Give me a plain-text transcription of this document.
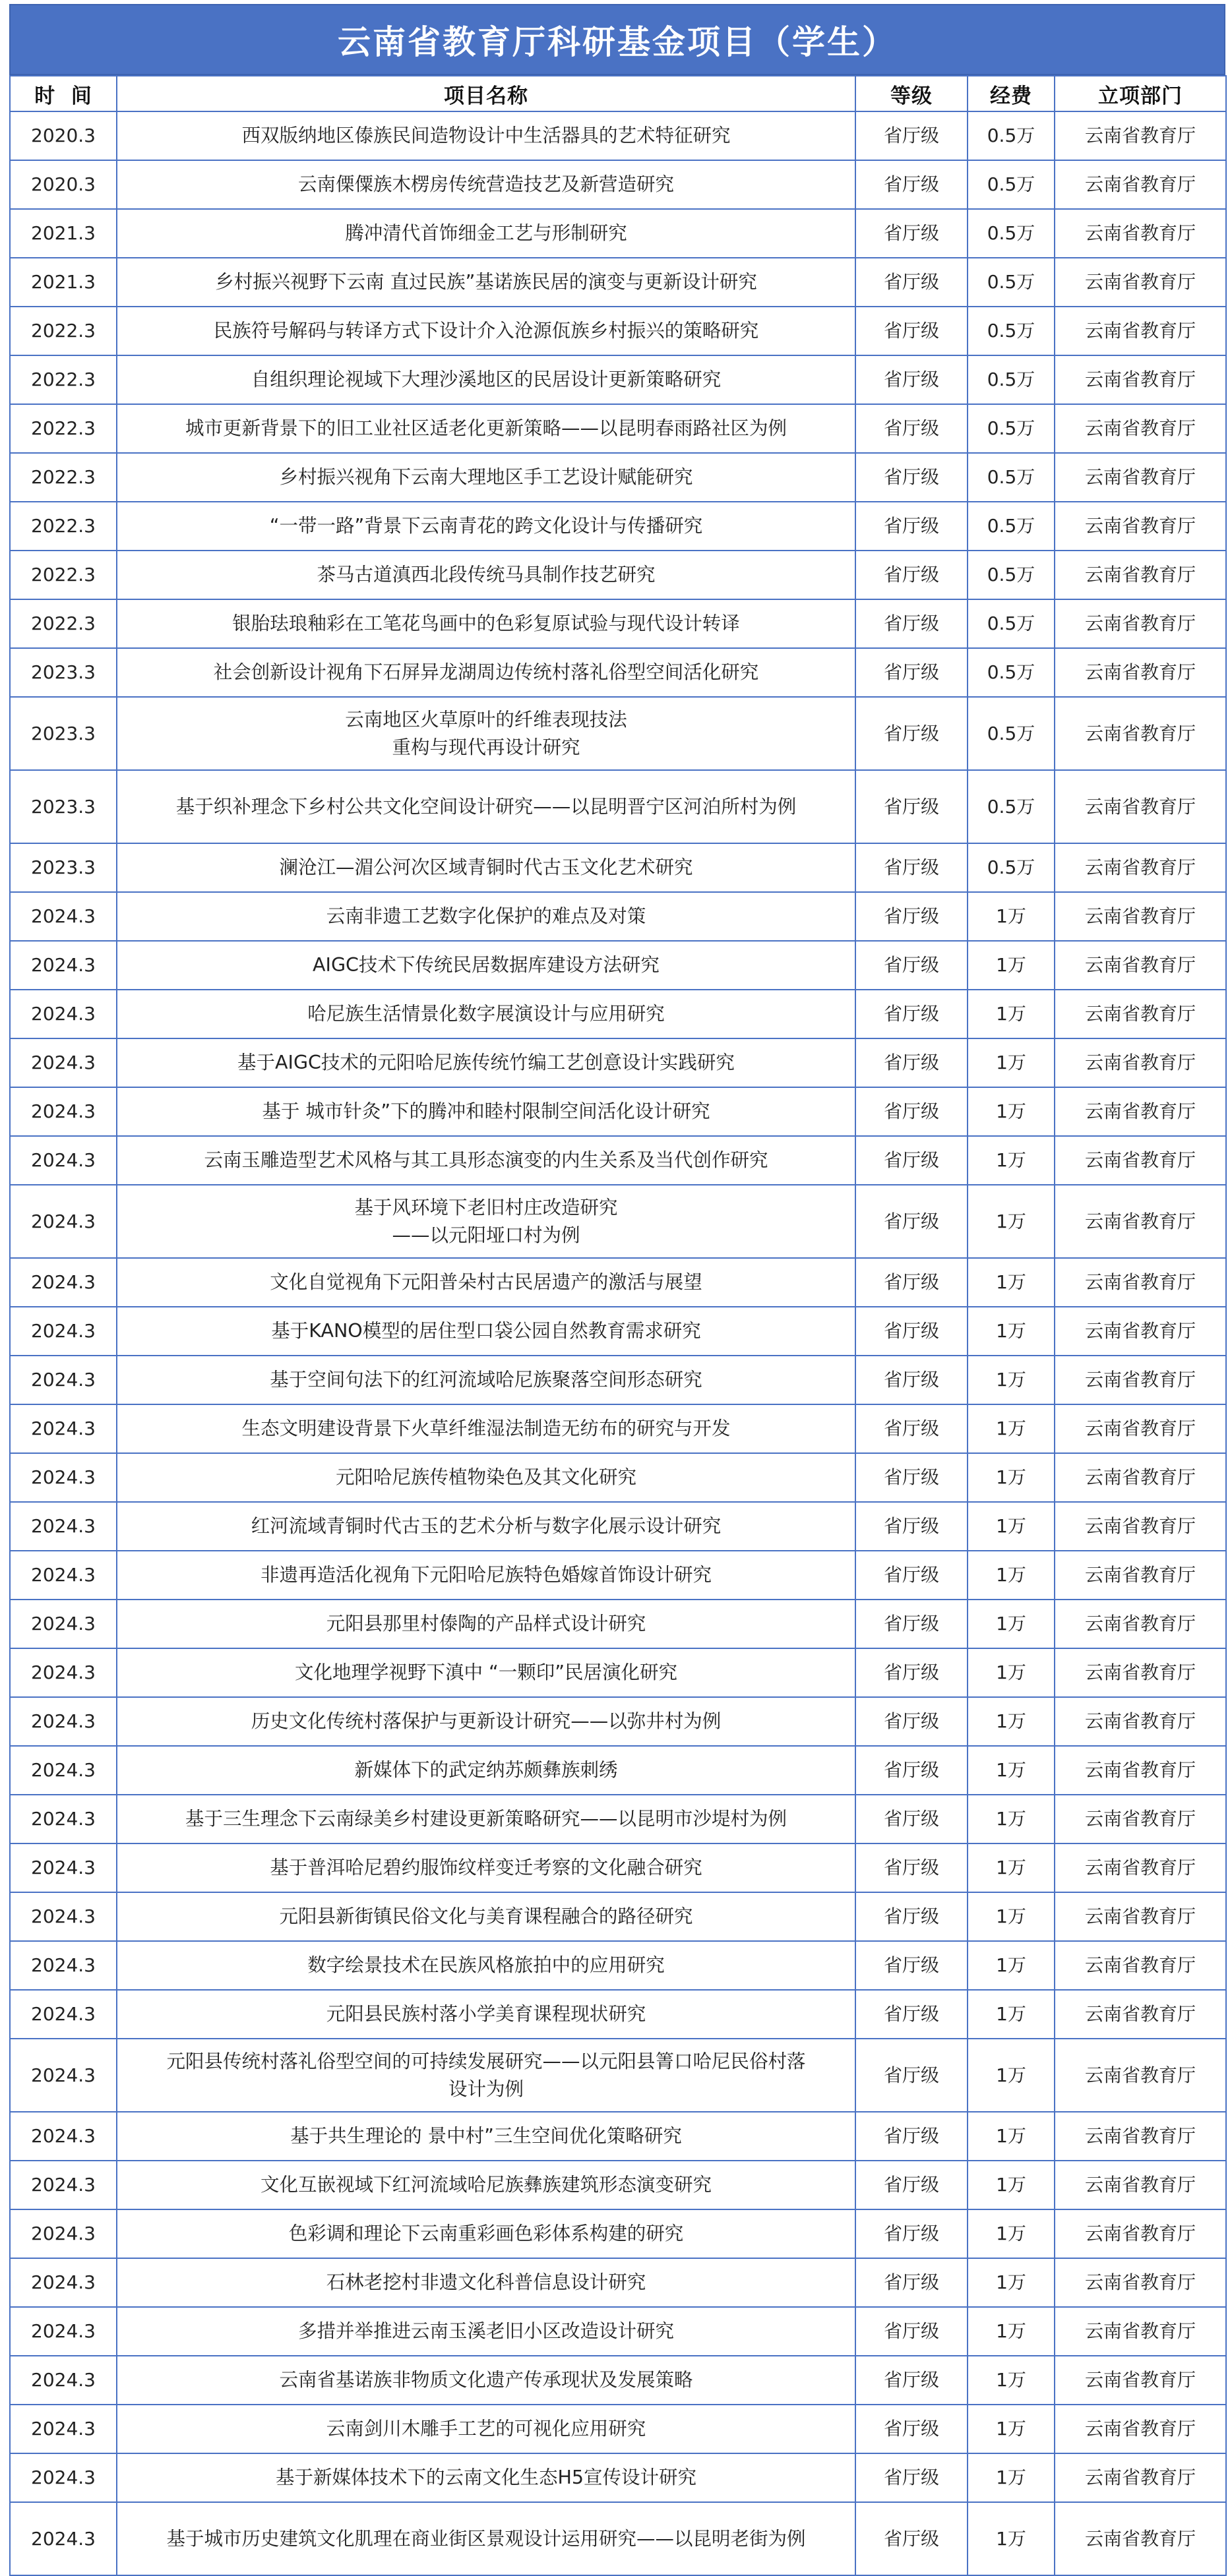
云南省教育厅科研基金项目（学生）
时  间	项目名称	等级	经费	立项部门
2020.3	西双版纳地区傣族民间造物设计中生活器具的艺术特征研究	省厅级	0.5万	云南省教育厅
2020.3	云南傈僳族木楞房传统营造技艺及新营造研究	省厅级	0.5万	云南省教育厅
2021.3	腾冲清代首饰细金工艺与形制研究	省厅级	0.5万	云南省教育厅
2021.3	乡村振兴视野下云南 直过民族”基诺族民居的演变与更新设计研究	省厅级	0.5万	云南省教育厅
2022.3	民族符号解码与转译方式下设计介入沧源佤族乡村振兴的策略研究	省厅级	0.5万	云南省教育厅
2022.3	自组织理论视域下大理沙溪地区的民居设计更新策略研究	省厅级	0.5万	云南省教育厅
2022.3	城市更新背景下的旧工业社区适老化更新策略——以昆明春雨路社区为例	省厅级	0.5万	云南省教育厅
2022.3	乡村振兴视角下云南大理地区手工艺设计赋能研究	省厅级	0.5万	云南省教育厅
2022.3	“一带一路”背景下云南青花的跨文化设计与传播研究	省厅级	0.5万	云南省教育厅
2022.3	茶马古道滇西北段传统马具制作技艺研究	省厅级	0.5万	云南省教育厅
2022.3	银胎珐琅釉彩在工笔花鸟画中的色彩复原试验与现代设计转译	省厅级	0.5万	云南省教育厅
2023.3	社会创新设计视角下石屏异龙湖周边传统村落礼俗型空间活化研究	省厅级	0.5万	云南省教育厅
2023.3	云南地区火草原叶的纤维表现技法
重构与现代再设计研究	省厅级	0.5万	云南省教育厅
2023.3	基于织补理念下乡村公共文化空间设计研究——以昆明晋宁区河泊所村为例	省厅级	0.5万	云南省教育厅
2023.3	澜沧江—湄公河次区域青铜时代古玉文化艺术研究	省厅级	0.5万	云南省教育厅
2024.3	云南非遗工艺数字化保护的难点及对策	省厅级	1万	云南省教育厅
2024.3	AIGC技术下传统民居数据库建设方法研究	省厅级	1万	云南省教育厅
2024.3	哈尼族生活情景化数字展演设计与应用研究	省厅级	1万	云南省教育厅
2024.3	基于AIGC技术的元阳哈尼族传统竹编工艺创意设计实践研究	省厅级	1万	云南省教育厅
2024.3	基于 城市针灸”下的腾冲和睦村限制空间活化设计研究	省厅级	1万	云南省教育厅
2024.3	云南玉雕造型艺术风格与其工具形态演变的内生关系及当代创作研究	省厅级	1万	云南省教育厅
2024.3	基于风环境下老旧村庄改造研究
——以元阳垭口村为例	省厅级	1万	云南省教育厅
2024.3	文化自觉视角下元阳普朵村古民居遗产的激活与展望	省厅级	1万	云南省教育厅
2024.3	基于KANO模型的居住型口袋公园自然教育需求研究	省厅级	1万	云南省教育厅
2024.3	基于空间句法下的红河流域哈尼族聚落空间形态研究	省厅级	1万	云南省教育厅
2024.3	生态文明建设背景下火草纤维湿法制造无纺布的研究与开发	省厅级	1万	云南省教育厅
2024.3	元阳哈尼族传植物染色及其文化研究	省厅级	1万	云南省教育厅
2024.3	红河流域青铜时代古玉的艺术分析与数字化展示设计研究	省厅级	1万	云南省教育厅
2024.3	非遗再造活化视角下元阳哈尼族特色婚嫁首饰设计研究	省厅级	1万	云南省教育厅
2024.3	元阳县那里村傣陶的产品样式设计研究	省厅级	1万	云南省教育厅
2024.3	文化地理学视野下滇中 “一颗印”民居演化研究	省厅级	1万	云南省教育厅
2024.3	历史文化传统村落保护与更新设计研究——以弥井村为例	省厅级	1万	云南省教育厅
2024.3	新媒体下的武定纳苏颇彝族刺绣	省厅级	1万	云南省教育厅
2024.3	基于三生理念下云南绿美乡村建设更新策略研究——以昆明市沙堤村为例	省厅级	1万	云南省教育厅
2024.3	基于普洱哈尼碧约服饰纹样变迁考察的文化融合研究	省厅级	1万	云南省教育厅
2024.3	元阳县新街镇民俗文化与美育课程融合的路径研究	省厅级	1万	云南省教育厅
2024.3	数字绘景技术在民族风格旅拍中的应用研究	省厅级	1万	云南省教育厅
2024.3	元阳县民族村落小学美育课程现状研究	省厅级	1万	云南省教育厅
2024.3	元阳县传统村落礼俗型空间的可持续发展研究——以元阳县箐口哈尼民俗村落
设计为例	省厅级	1万	云南省教育厅
2024.3	基于共生理论的 景中村”三生空间优化策略研究	省厅级	1万	云南省教育厅
2024.3	文化互嵌视域下红河流域哈尼族彝族建筑形态演变研究	省厅级	1万	云南省教育厅
2024.3	色彩调和理论下云南重彩画色彩体系构建的研究	省厅级	1万	云南省教育厅
2024.3	石林老挖村非遗文化科普信息设计研究	省厅级	1万	云南省教育厅
2024.3	多措并举推进云南玉溪老旧小区改造设计研究	省厅级	1万	云南省教育厅
2024.3	云南省基诺族非物质文化遗产传承现状及发展策略	省厅级	1万	云南省教育厅
2024.3	云南剑川木雕手工艺的可视化应用研究	省厅级	1万	云南省教育厅
2024.3	基于新媒体技术下的云南文化生态H5宣传设计研究	省厅级	1万	云南省教育厅
2024.3	基于城市历史建筑文化肌理在商业街区景观设计运用研究——以昆明老街为例	省厅级	1万	云南省教育厅
